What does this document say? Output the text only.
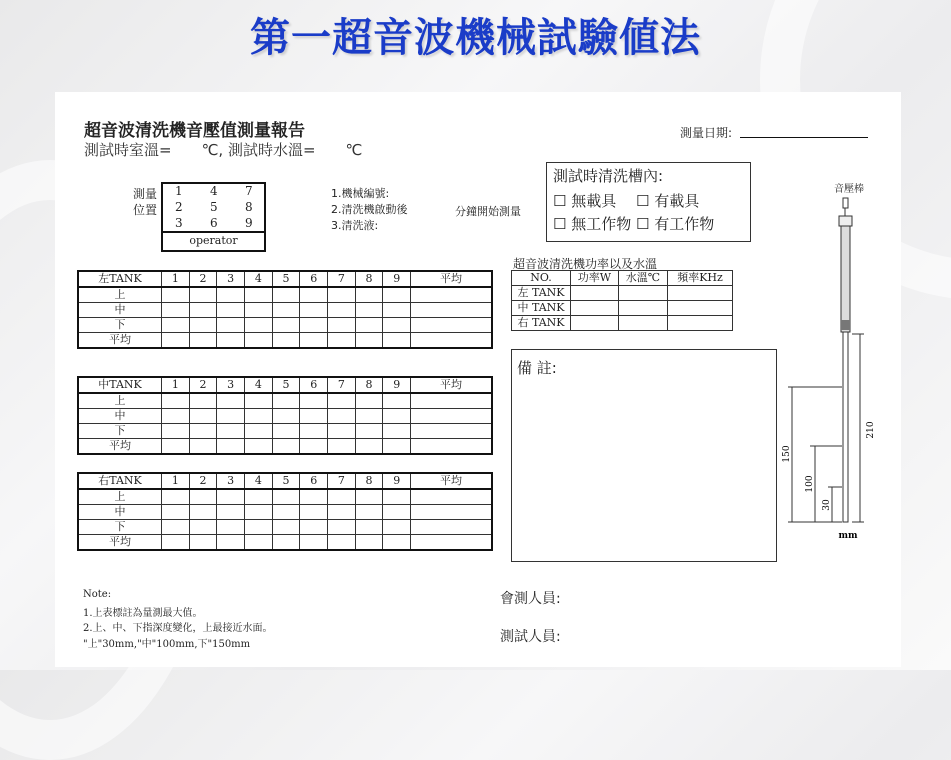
第一超音波機械試驗値法
超音波清洗機音壓值測量報告
測試時室溫=　　℃, 測試時水溫=　　℃
測量日期:
測量
位置
1 4 7
2 5 8
3 6 9
operator
1.機械編號:
2.清洗機啟動後
3.清洗液:
分鐘開始測量
測試時清洗槽內:
☐ 無載具　 ☐ 有載具
☐ 無工作物 ☐ 有工作物
音壓棒
210
150
100
30
mm
左TANK	1	2	3	4	5	6	7	8	9	平均
上										
中										
下										
平均										
中TANK	1	2	3	4	5	6	7	8	9	平均
上										
中										
下										
平均										
右TANK	1	2	3	4	5	6	7	8	9	平均
上										
中										
下										
平均										
超音波清洗機功率以及水溫
NO.	功率W	水溫℃	頻率KHz
左 TANK			
中 TANK			
右 TANK			
備 註:
Note:
1.上表標註為量測最大值。
2.上、中、下指深度變化，上最接近水面。
"上"30mm,"中"100mm,下"150mm
會測人員:
測試人員:
